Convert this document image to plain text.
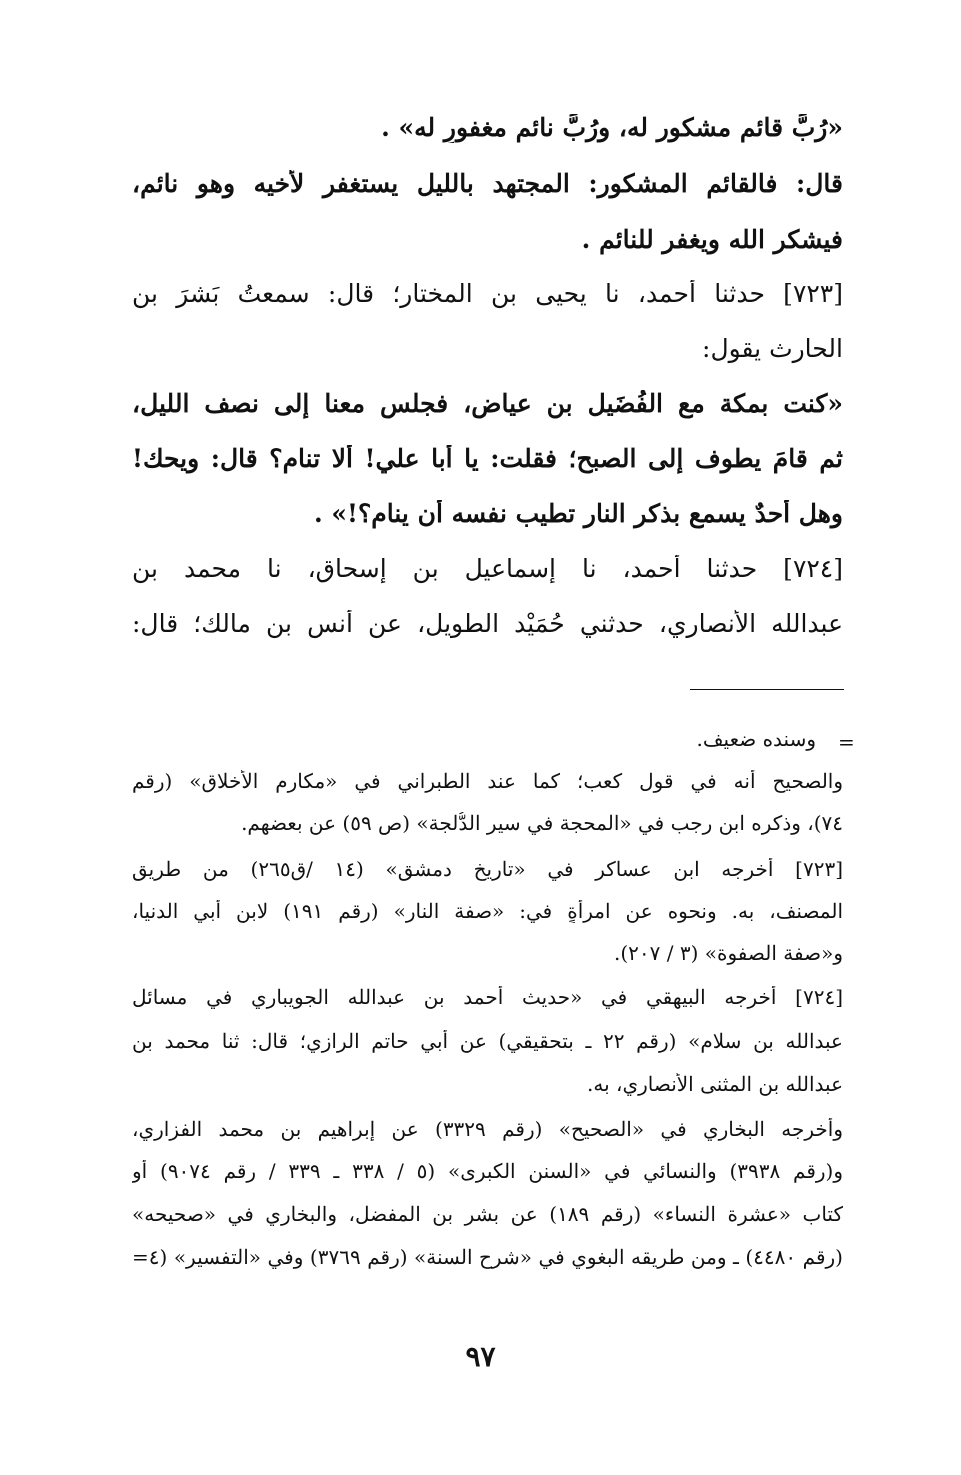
«رُبَّ قائمٍ مشكور له، ورُبَّ نائمٍ مغفورٍ له» .
قال: فالقائم المشكور: المجتهد بالليل يستغفر لأخيه وهو نائم،
فيشكر الله ويغفر للنائم .
[٧٢٣] حدثنا أحمد، نا يحيى بن المختار؛ قال: سمعتُ بَشرَ بن
الحارث يقول:
«كنت بمكة مع الفُضَيل بن عياض، فجلس معنا إلى نصف الليل،
ثم قامَ يطوف إلى الصبح؛ فقلت: يا أبا علي! ألا تنام؟ قال: ويحك!
وهل أحدٌ يسمع بذكر النار تطيب نفسه أن ينام؟!» .
[٧٢٤] حدثنا أحمد، نا إسماعيل بن إسحاق، نا محمد بن
عبدالله الأنصاري، حدثني حُمَيْد الطويل، عن أنس بن مالك؛ قال:
=
وسنده ضعيف.
والصحيح أنه في قول كعب؛ كما عند الطبراني في «مكارم الأخلاق» (رقم
٧٤)، وذكره ابن رجب في «المحجة في سير الدُّلجة» (ص ٥٩) عن بعضهم.
[٧٢٣] أخرجه ابن عساكر في «تاريخ دمشق» (١٤ /ق٢٦٥) من طريق
المصنف، به. ونحوه عن امرأةٍ في: «صفة النار» (رقم ١٩١) لابن أبي الدنيا،
و«صفة الصفوة» (٣ / ٢٠٧).
[٧٢٤] أخرجه البيهقي في «حديث أحمد بن عبدالله الجويباري في مسائل
عبدالله بن سلام» (رقم ٢٢ ـ بتحقيقي) عن أبي حاتم الرازي؛ قال: ثنا محمد بن
عبدالله بن المثنى الأنصاري، به.
وأخرجه البخاري في «الصحيح» (رقم ٣٣٢٩) عن إبراهيم بن محمد الفزاري،
و(رقم ٣٩٣٨) والنسائي في «السنن الكبرى» (٥ / ٣٣٨ ـ ٣٣٩ / رقم ٩٠٧٤) أو
كتاب «عشرة النساء» (رقم ١٨٩) عن بشر بن المفضل، والبخاري في «صحيحه»
(رقم ٤٤٨٠) ـ ومن طريقه البغوي في «شرح السنة» (رقم ٣٧٦٩) وفي «التفسير» (٤=
٩٧
